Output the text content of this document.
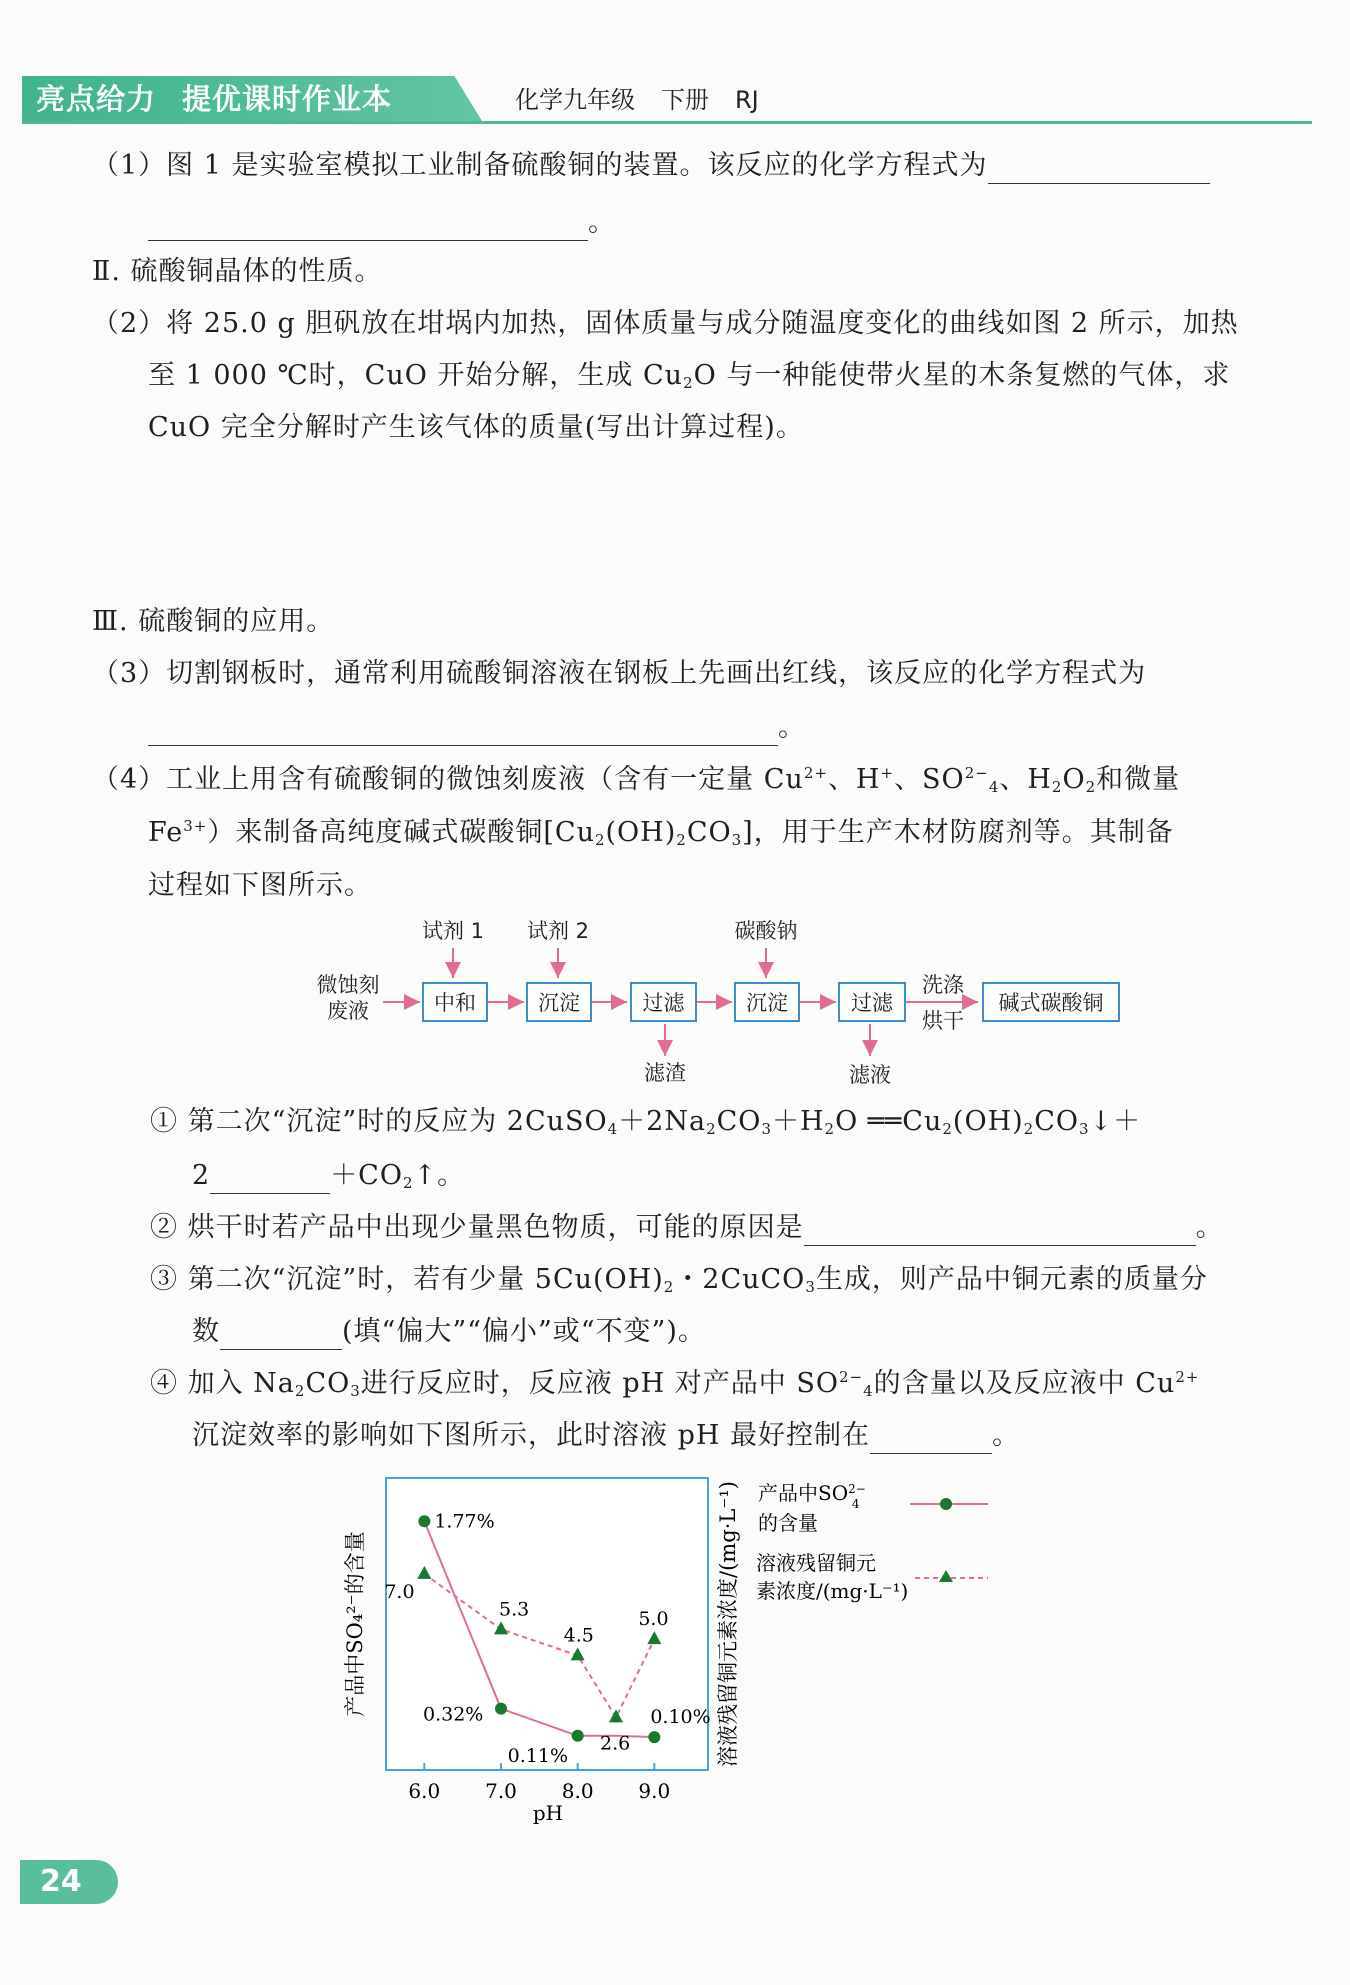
亮点给力 提优课时作业本	化学九年级 下册 RJ
（1）图 1 是实验室模拟工业制备硫酸铜的装置。该反应的化学方程式为
。
Ⅱ. 硫酸铜晶体的性质。
（2）将 25.0 g 胆矾放在坩埚内加热，固体质量与成分随温度变化的曲线如图 2 所示，加热
至 1 000 ℃时，CuO 开始分解，生成 $Cu_2O$ 与一种能使带火星的木条复燃的气体，求
CuO 完全分解时产生该气体的质量(写出计算过程)。
Ⅲ. 硫酸铜的应用。
（3）切割钢板时，通常利用硫酸铜溶液在钢板上先画出红线，该反应的化学方程式为
。
（4）工业上用含有硫酸铜的微蚀刻废液（含有一定量 $Cu^{2+}$、H+、$SO^{2-}_4$、$H_2O_2$和微量
$Fe^{3+}$）来制备高纯度碱式碳酸铜$[Cu_2(OH)_2CO_3]$，用于生产木材防腐剂等。其制备
过程如下图所示。
微蚀刻
废液	中和	沉淀	过滤	沉淀	过滤	碱式碳酸铜
试剂 1 试剂 2	碳酸钠
滤渣	滤液
洗涤
烘干
① 第二次“沉淀”时的反应为 $2CuSO_4+2Na_2CO_3+H_2O$ $══Cu_2(OH)_2CO_3↓+$
2	$+CO_2↑$。
② 烘干时若产品中出现少量黑色物质，可能的原因是	。
③ 第二次“沉淀”时，若有少量 $5Cu(OH)_2$・2CuCO$_3$生成，则产品中铜元素的质量分
数	(填“偏大”“偏小”或“不变”)。
④ 加入 $Na_2CO_3$进行反应时，反应液 pH 对产品中 $SO^{2-}_4$的含量以及反应液中 $Cu^{2+}$
沉淀效率的影响如下图所示，此时溶液 pH 最好控制在	。
6.0 7.0 8.0 9.0
1.77%
0.32%
0.11%
0.10%
7.0
5.3
4.5
2.6
5.0
pH
产品中SO₄²⁻的含量	溶液残留铜元素浓度/(mg·L⁻¹) 产品中$SO^{2-}$ 4
的含量
溶液残留铜元
素浓度/(mg·L⁻¹)
24
